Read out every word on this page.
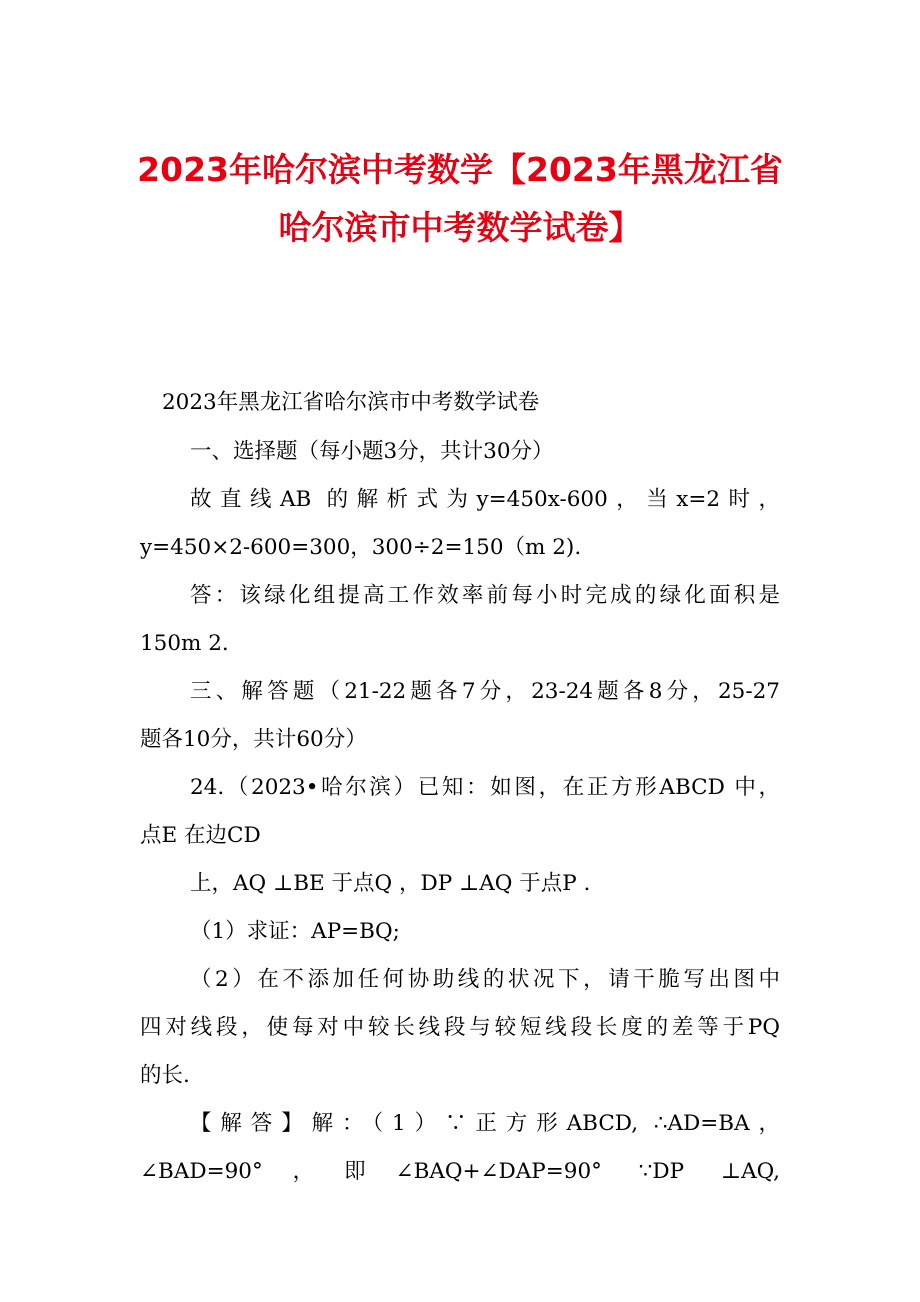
2023年哈尔滨中考数学【2023年黑龙江省
哈尔滨市中考数学试卷】
2023年黑龙江省哈尔滨市中考数学试卷
一、选择题（每小题3分，共计30分）
故直线AB 的解析式为y=450x-600，当x=2时，
y=450×2-600=300，300÷2=150（m 2).
答：该绿化组提高工作效率前每小时完成的绿化面积是
150m 2.
三、解答题（21-22题各7分，23-24题各8分，25-27
题各10分，共计60分）
24.（2023•哈尔滨）已知：如图，在正方形ABCD 中，
点E 在边CD
上，AQ ⊥BE 于点Q ，DP ⊥AQ 于点P .
（1）求证：AP=BQ;
（2）在不添加任何协助线的状况下，请干脆写出图中
四对线段，使每对中较长线段与较短线段长度的差等于PQ
的长.
【解答】解：（1）∵正方形ABCD, ∴AD=BA，
∠BAD=90°，即∠BAQ+∠DAP=90° ∵DP ⊥AQ,
